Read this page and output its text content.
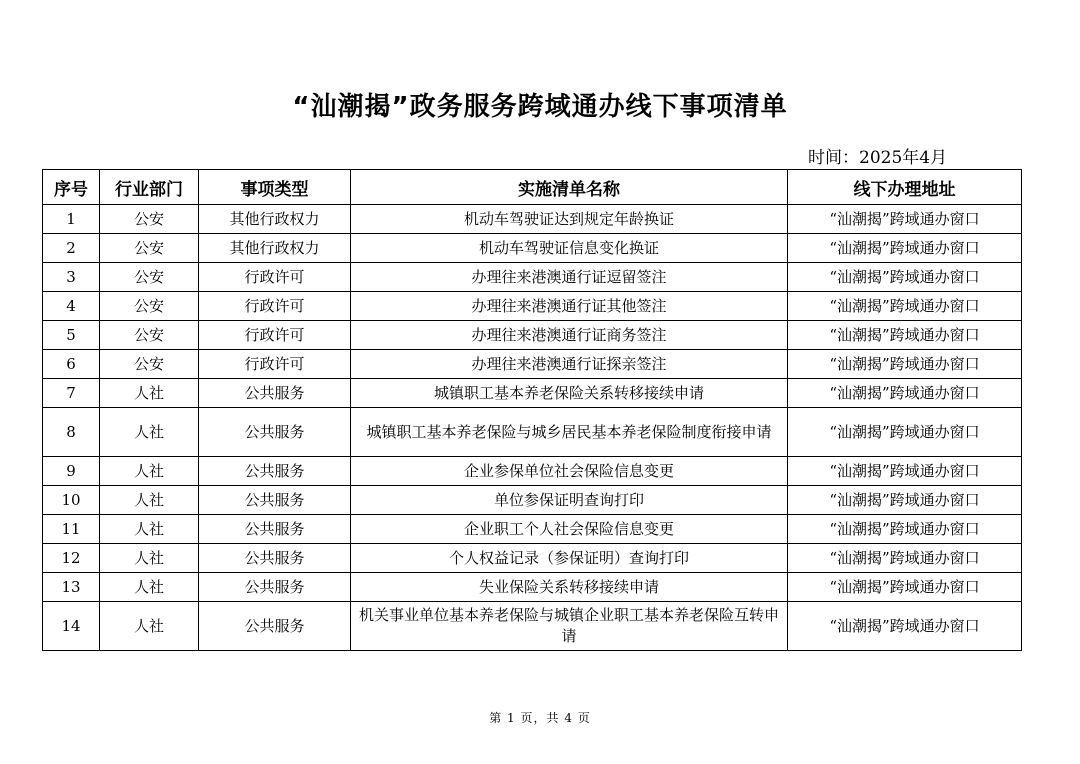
“汕潮揭”政务服务跨域通办线下事项清单
时间：2025年4月
序号	行业部门	事项类型	实施清单名称	线下办理地址
1	公安	其他行政权力	机动车驾驶证达到规定年龄换证	“汕潮揭”跨域通办窗口
2	公安	其他行政权力	机动车驾驶证信息变化换证	“汕潮揭”跨域通办窗口
3	公安	行政许可	办理往来港澳通行证逗留签注	“汕潮揭”跨域通办窗口
4	公安	行政许可	办理往来港澳通行证其他签注	“汕潮揭”跨域通办窗口
5	公安	行政许可	办理往来港澳通行证商务签注	“汕潮揭”跨域通办窗口
6	公安	行政许可	办理往来港澳通行证探亲签注	“汕潮揭”跨域通办窗口
7	人社	公共服务	城镇职工基本养老保险关系转移接续申请	“汕潮揭”跨域通办窗口
8	人社	公共服务	城镇职工基本养老保险与城乡居民基本养老保险制度衔接申请	“汕潮揭”跨域通办窗口
9	人社	公共服务	企业参保单位社会保险信息变更	“汕潮揭”跨域通办窗口
10	人社	公共服务	单位参保证明查询打印	“汕潮揭”跨域通办窗口
11	人社	公共服务	企业职工个人社会保险信息变更	“汕潮揭”跨域通办窗口
12	人社	公共服务	个人权益记录（参保证明）查询打印	“汕潮揭”跨域通办窗口
13	人社	公共服务	失业保险关系转移接续申请	“汕潮揭”跨域通办窗口
14	人社	公共服务	机关事业单位基本养老保险与城镇企业职工基本养老保险互转申请	“汕潮揭”跨域通办窗口
第 1 页，共 4 页
